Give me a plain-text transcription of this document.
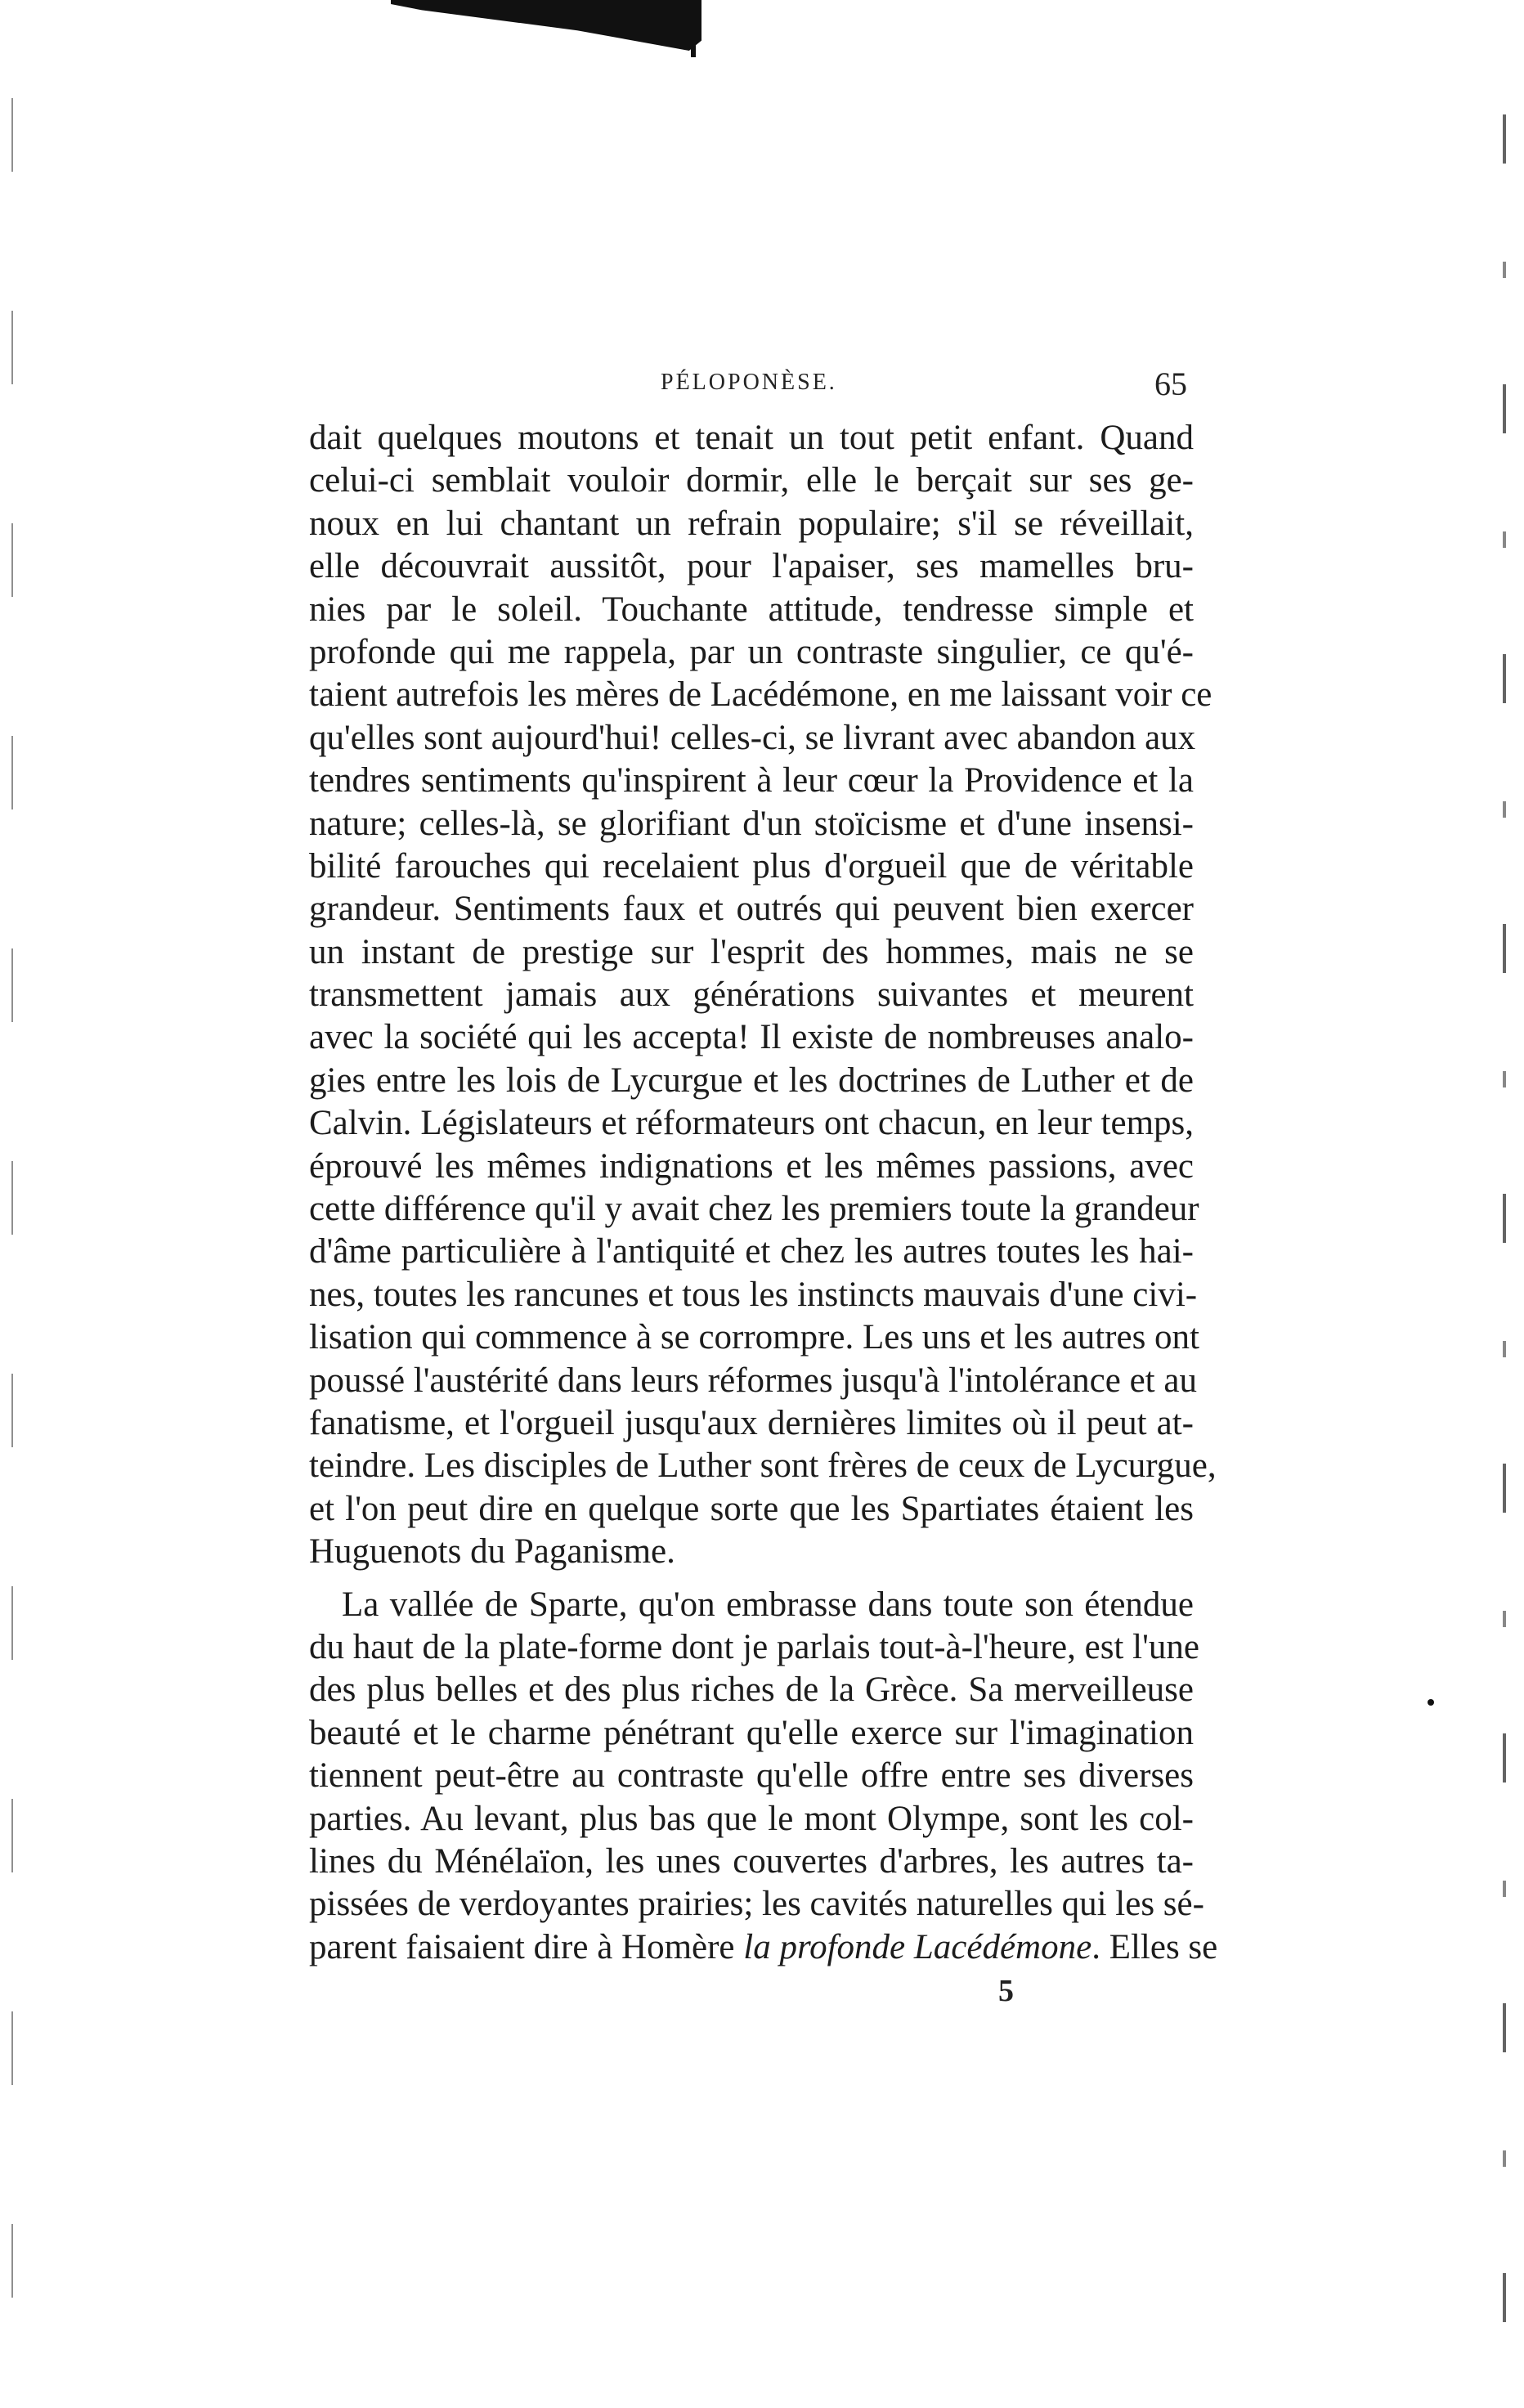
PÉLOPONÈSE.	65
dait quelques moutons et tenait un tout petit enfant. Quand
celui-ci semblait vouloir dormir, elle le berçait sur ses ge-
noux en lui chantant un refrain populaire; s'il se réveillait,
elle découvrait aussitôt, pour l'apaiser, ses mamelles bru-
nies par le soleil. Touchante attitude, tendresse simple et
profonde qui me rappela, par un contraste singulier, ce qu'é-
taient autrefois les mères de Lacédémone, en me laissant voir ce
qu'elles sont aujourd'hui! celles-ci, se livrant avec abandon aux
tendres sentiments qu'inspirent à leur cœur la Providence et la
nature; celles-là, se glorifiant d'un stoïcisme et d'une insensi-
bilité farouches qui recelaient plus d'orgueil que de véritable
grandeur. Sentiments faux et outrés qui peuvent bien exercer
un instant de prestige sur l'esprit des hommes, mais ne se
transmettent jamais aux générations suivantes et meurent
avec la société qui les accepta! Il existe de nombreuses analo-
gies entre les lois de Lycurgue et les doctrines de Luther et de
Calvin. Législateurs et réformateurs ont chacun, en leur temps,
éprouvé les mêmes indignations et les mêmes passions, avec
cette différence qu'il y avait chez les premiers toute la grandeur
d'âme particulière à l'antiquité et chez les autres toutes les hai-
nes, toutes les rancunes et tous les instincts mauvais d'une civi-
lisation qui commence à se corrompre. Les uns et les autres ont
poussé l'austérité dans leurs réformes jusqu'à l'intolérance et au
fanatisme, et l'orgueil jusqu'aux dernières limites où il peut at-
teindre. Les disciples de Luther sont frères de ceux de Lycurgue,
et l'on peut dire en quelque sorte que les Spartiates étaient les
Huguenots du Paganisme.
La vallée de Sparte, qu'on embrasse dans toute son étendue
du haut de la plate-forme dont je parlais tout-à-l'heure, est l'une
des plus belles et des plus riches de la Grèce. Sa merveilleuse
beauté et le charme pénétrant qu'elle exerce sur l'imagination
tiennent peut-être au contraste qu'elle offre entre ses diverses
parties. Au levant, plus bas que le mont Olympe, sont les col-
lines du Ménélaïon, les unes couvertes d'arbres, les autres ta-
pissées de verdoyantes prairies; les cavités naturelles qui les sé-
parent faisaient dire à Homère la profonde Lacédémone. Elles se
5
